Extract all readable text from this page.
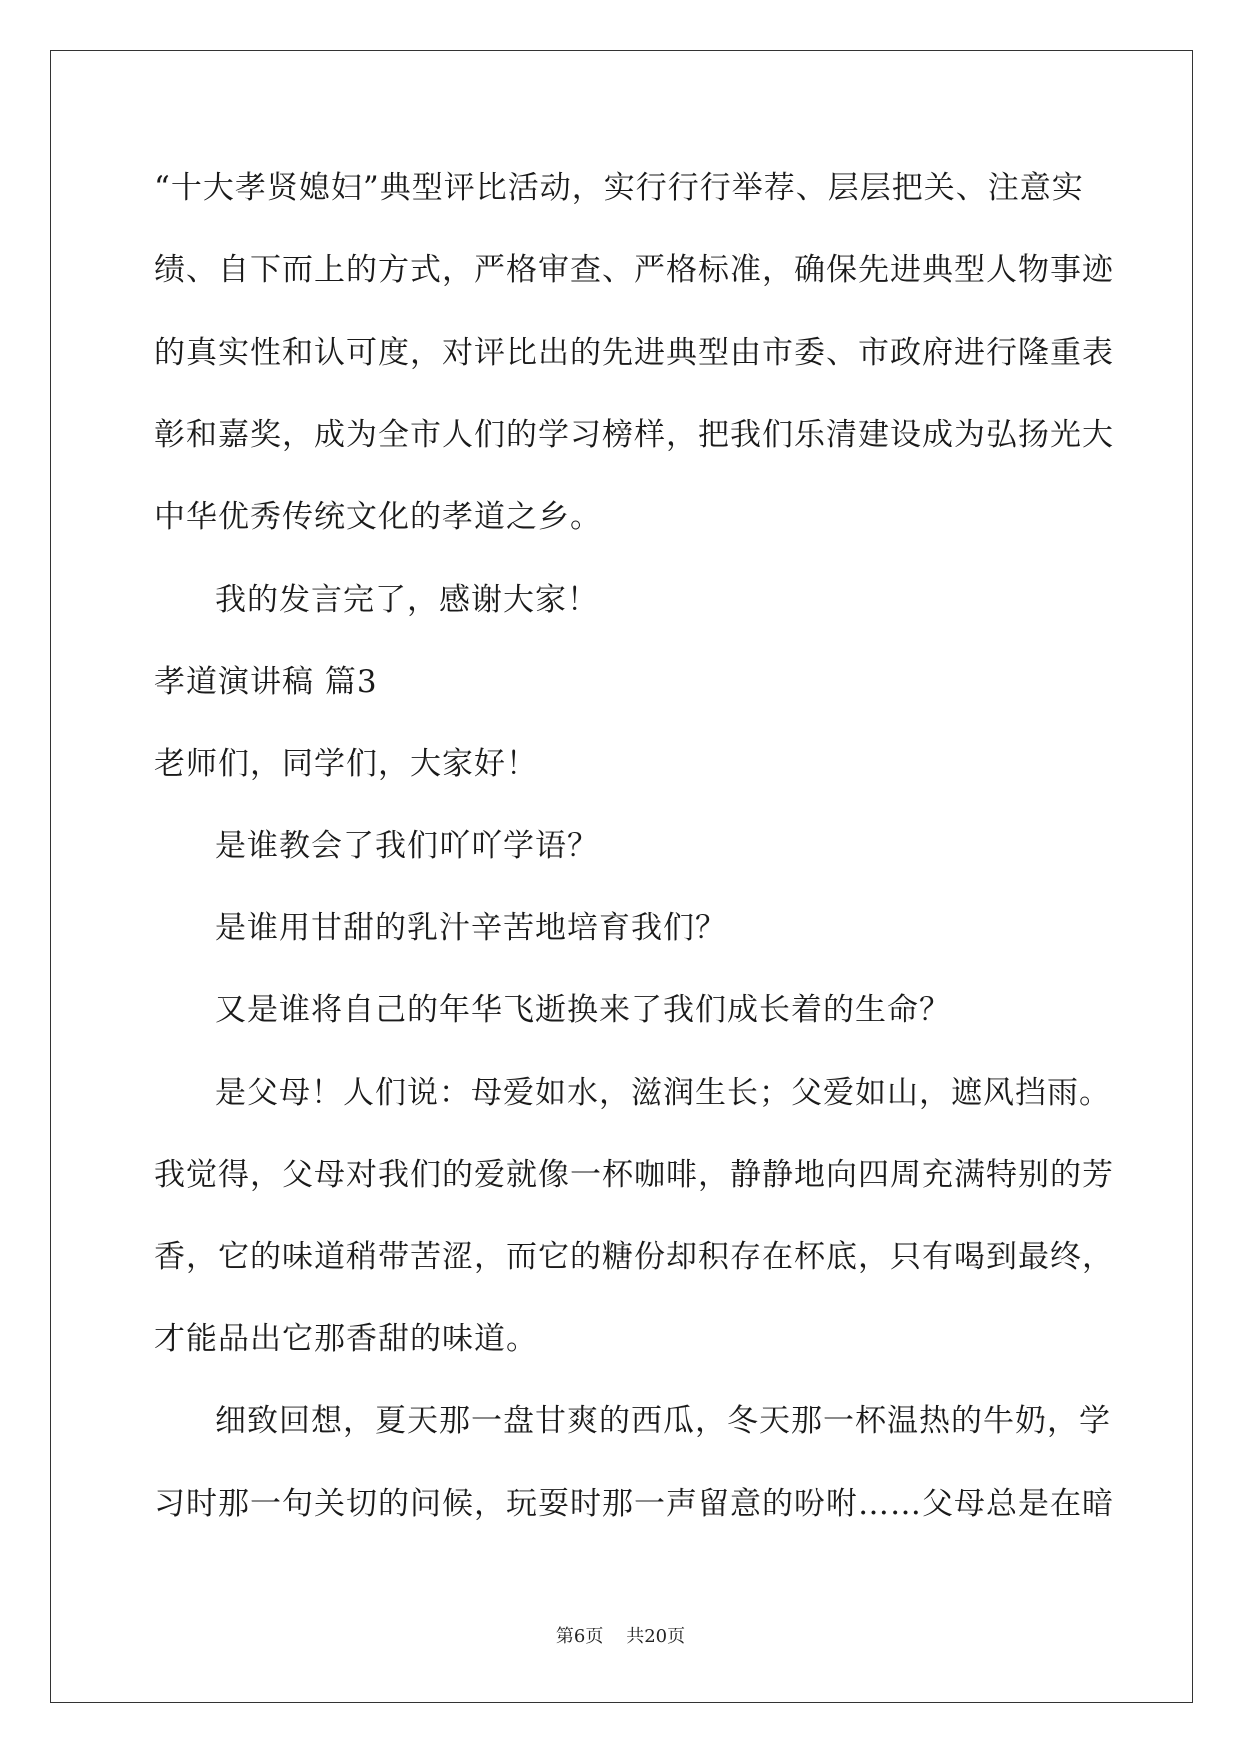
“十大孝贤媳妇”典型评比活动，实行行行举荐、层层把关、注意实
绩、自下而上的方式，严格审查、严格标准，确保先进典型人物事迹
的真实性和认可度，对评比出的先进典型由市委、市政府进行隆重表
彰和嘉奖，成为全市人们的学习榜样，把我们乐清建设成为弘扬光大
中华优秀传统文化的孝道之乡。
我的发言完了，感谢大家！
孝道演讲稿 篇3
老师们，同学们，大家好！
是谁教会了我们吖吖学语？
是谁用甘甜的乳汁辛苦地培育我们？
又是谁将自己的年华飞逝换来了我们成长着的生命？
是父母！人们说：母爱如水，滋润生长；父爱如山，遮风挡雨。
我觉得，父母对我们的爱就像一杯咖啡，静静地向四周充满特别的芳
香，它的味道稍带苦涩，而它的糖份却积存在杯底，只有喝到最终，
才能品出它那香甜的味道。
细致回想，夏天那一盘甘爽的西瓜，冬天那一杯温热的牛奶，学
习时那一句关切的问候，玩耍时那一声留意的吩咐……父母总是在暗
第6页    共20页
